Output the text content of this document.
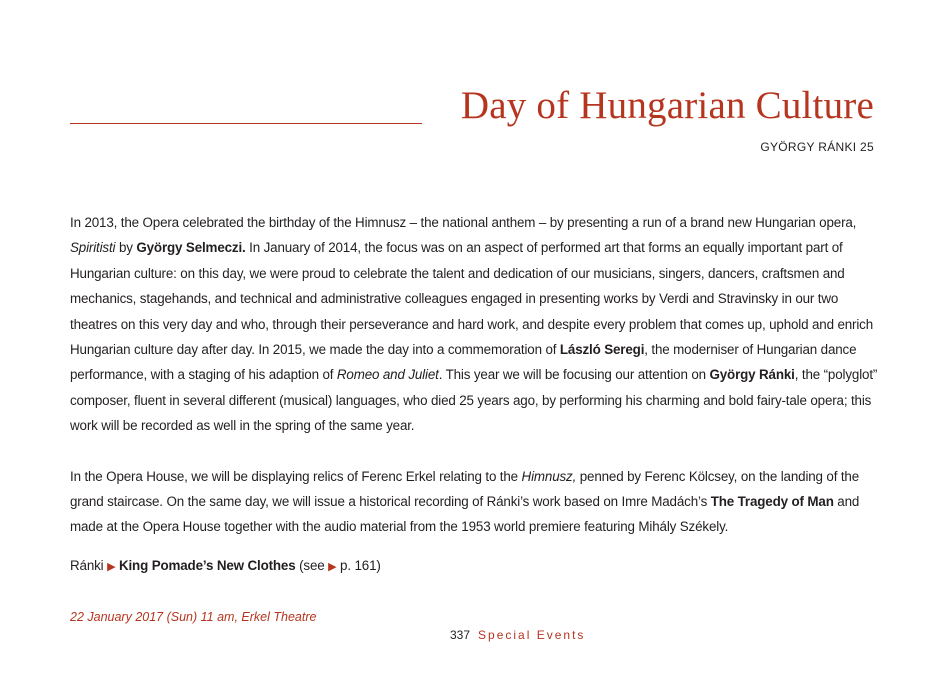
Day of Hungarian Culture
GYÖRGY RÁNKI 25

In 2013, the Opera celebrated the birthday of the Himnusz – the national anthem – by presenting a run of a brand new Hungarian opera, Spiritisti by György Selmeczi. In January of 2014, the focus was on an aspect of performed art that forms an equally important part of Hungarian culture: on this day, we were proud to celebrate the talent and dedication of our musicians, singers, dancers, craftsmen and mechanics, stagehands, and technical and administrative colleagues engaged in presenting works by Verdi and Stravinsky in our two theatres on this very day and who, through their perseverance and hard work, and despite every problem that comes up, uphold and enrich Hungarian culture day after day. In 2015, we made the day into a commemoration of László Seregi, the moderniser of Hungarian dance performance, with a staging of his adaption of Romeo and Juliet. This year we will be focusing our attention on György Ránki, the “polyglot” composer, fluent in several different (musical) languages, who died 25 years ago, by performing his charming and bold fairy-tale opera; this work will be recorded as well in the spring of the same year.

In the Opera House, we will be displaying relics of Ferenc Erkel relating to the Himnusz, penned by Ferenc Kölcsey, on the landing of the grand staircase. On the same day, we will issue a historical recording of Ránki’s work based on Imre Madách’s The Tragedy of Man and made at the Opera House together with the audio material from the 1953 world premiere featuring Mihály Székely.

Ránki ▶ King Pomade’s New Clothes (see ▶ p. 161)

22 January 2017 (Sun) 11 am, Erkel Theatre
337 Special Events
